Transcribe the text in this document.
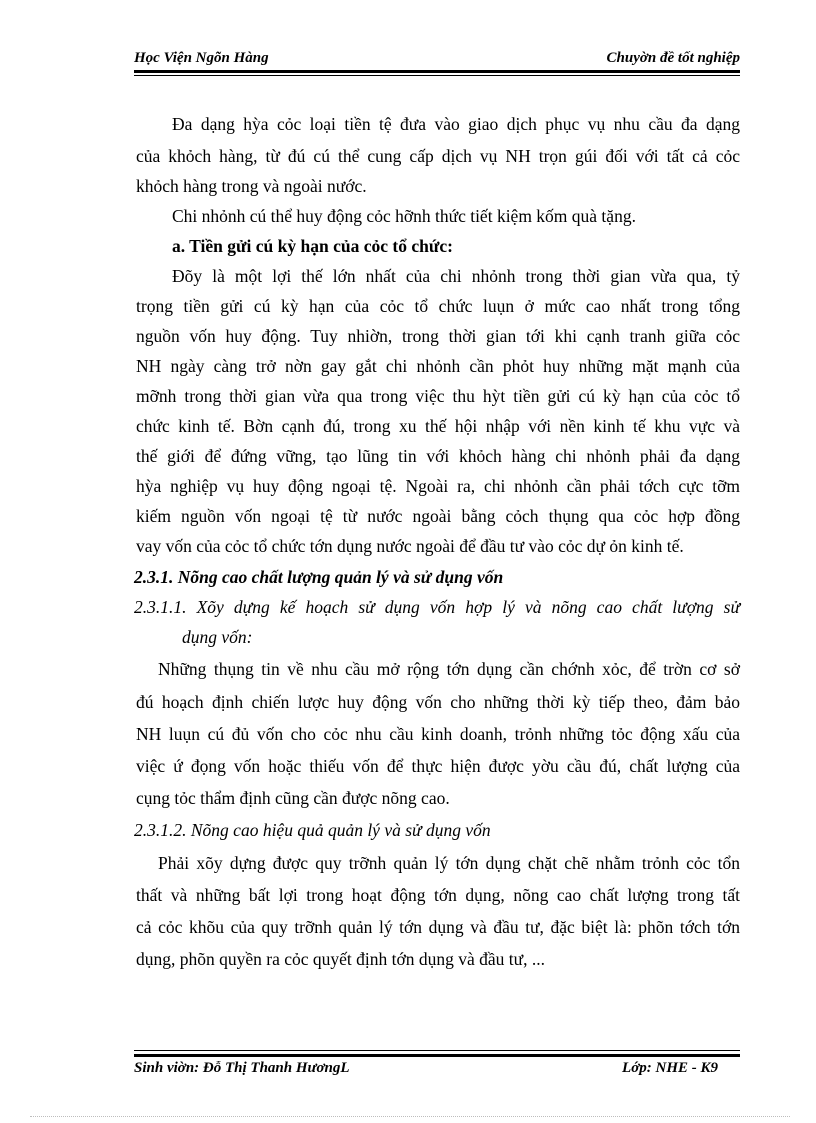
Học Viện Ngõn Hàng	Chuyờn đề tốt nghiệp
Đa dạng hỳa cỏc loại tiền tệ đưa vào giao dịch phục vụ nhu cầu đa dạng
của khỏch hàng, từ đú cú thể cung cấp dịch vụ NH trọn gúi đối với tất cả cỏc
khỏch hàng trong và ngoài nước.
Chi nhỏnh cú thể huy động cỏc hỡnh thức tiết kiệm kốm quà tặng.
a. Tiền gửi cú kỳ hạn của cỏc tổ chức:
Đõy là một lợi thế lớn nhất của chi nhỏnh trong thời gian vừa qua, tỷ
trọng tiền gửi cú kỳ hạn của cỏc tổ chức luụn ở mức cao nhất trong tổng
nguồn vốn huy động. Tuy nhiờn, trong thời gian tới khi cạnh tranh giữa cỏc
NH ngày càng trở nờn gay gắt chi nhỏnh cần phỏt huy những mặt mạnh của
mỡnh trong thời gian vừa qua trong việc thu hỳt tiền gửi cú kỳ hạn của cỏc tổ
chức kinh tế. Bờn cạnh đú, trong xu thế hội nhập với nền kinh tế khu vực và
thế giới để đứng vững, tạo lũng tin với khỏch hàng chi nhỏnh phải đa dạng
hỳa nghiệp vụ huy động ngoại tệ. Ngoài ra, chi nhỏnh cần phải tớch cực tỡm
kiếm nguồn vốn ngoại tệ từ nước ngoài bằng cỏch thụng qua cỏc hợp đồng
vay vốn của cỏc tổ chức tớn dụng nước ngoài để đầu tư vào cỏc dự ỏn kinh tế.
2.3.1. Nõng cao chất lượng quản lý và sử dụng vốn
2.3.1.1. Xõy dựng kế hoạch sử dụng vốn hợp lý và nõng cao chất lượng sử
dụng vốn:
Những thụng tin về nhu cầu mở rộng tớn dụng cần chớnh xỏc, để trờn cơ sở
đú hoạch định chiến lược huy động vốn cho những thời kỳ tiếp theo, đảm bảo
NH luụn cú đủ vốn cho cỏc nhu cầu kinh doanh, trỏnh những tỏc động xấu của
việc ứ đọng vốn hoặc thiếu vốn để thực hiện được yờu cầu đú, chất lượng của
cụng tỏc thẩm định cũng cần được nõng cao.
2.3.1.2. Nõng cao hiệu quả quản lý và sử dụng vốn
Phải xõy dựng được quy trỡnh quản lý tớn dụng chặt chẽ nhằm trỏnh cỏc tổn
thất và những bất lợi trong hoạt động tớn dụng, nõng cao chất lượng trong tất
cả cỏc khõu của quy trỡnh quản lý tớn dụng và đầu tư, đặc biệt là: phõn tớch tớn
dụng, phõn quyền ra cỏc quyết định tớn dụng và đầu tư, ...
Sinh viờn: Đỗ Thị Thanh HươngL	Lớp: NHE - K9
